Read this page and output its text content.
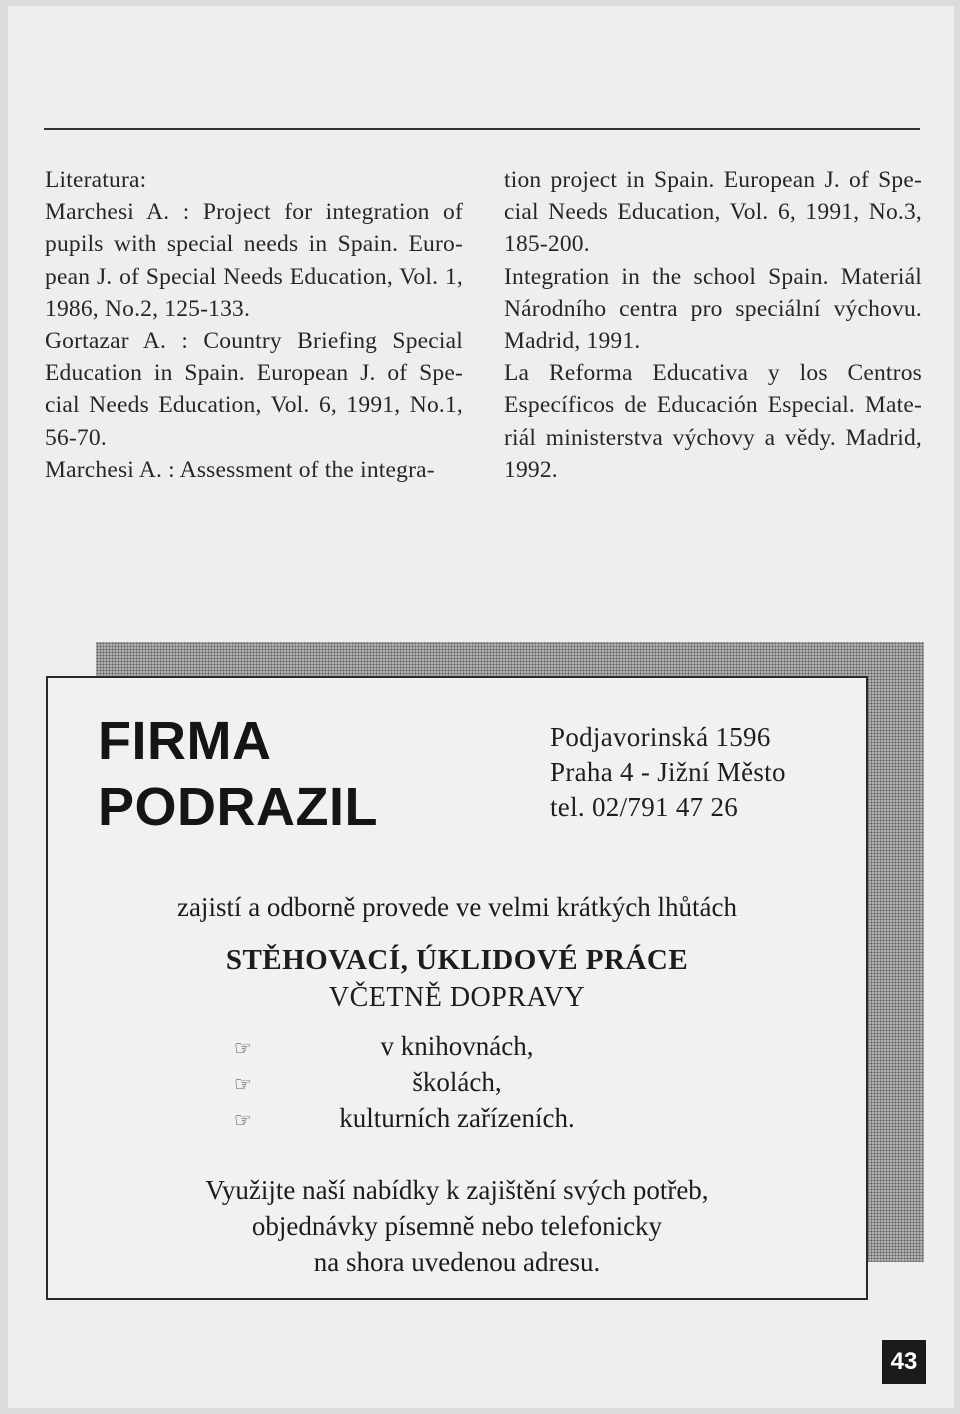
Literatura:

Marchesi A. : Project for integration of pupils with special needs in Spain. Euro-pean J. of Special Needs Education, Vol. 1, 1986, No.2, 125-133.

Gortazar A. : Country Briefing Special Education in Spain. European J. of Spe-cial Needs Education, Vol. 6, 1991, No.1, 56-70.

Marchesi A. : Assessment of the integra-

tion project in Spain. European J. of Spe-cial Needs Education, Vol. 6, 1991, No.3, 185-200.

Integration in the school Spain. Materiál Národního centra pro speciální výchovu. Madrid, 1991.

La Reforma Educativa y los Centros Específicos de Educación Especial. Mate-riál ministerstva výchovy a vědy. Madrid, 1992.

FIRMA
PODRAZIL
Podjavorinská 1596
Praha 4 - Jižní Město
tel. 02/791 47 26
zajistí a odborně provede ve velmi krátkých lhůtách
STĚHOVACÍ, ÚKLIDOVÉ PRÁCE
VČETNĚ DOPRAVY
☞	v knihovnách,
☞	školách,
☞	kulturních zařízeních.
Využijte naší nabídky k zajištění svých potřeb,
objednávky písemně nebo telefonicky
na shora uvedenou adresu.
43
